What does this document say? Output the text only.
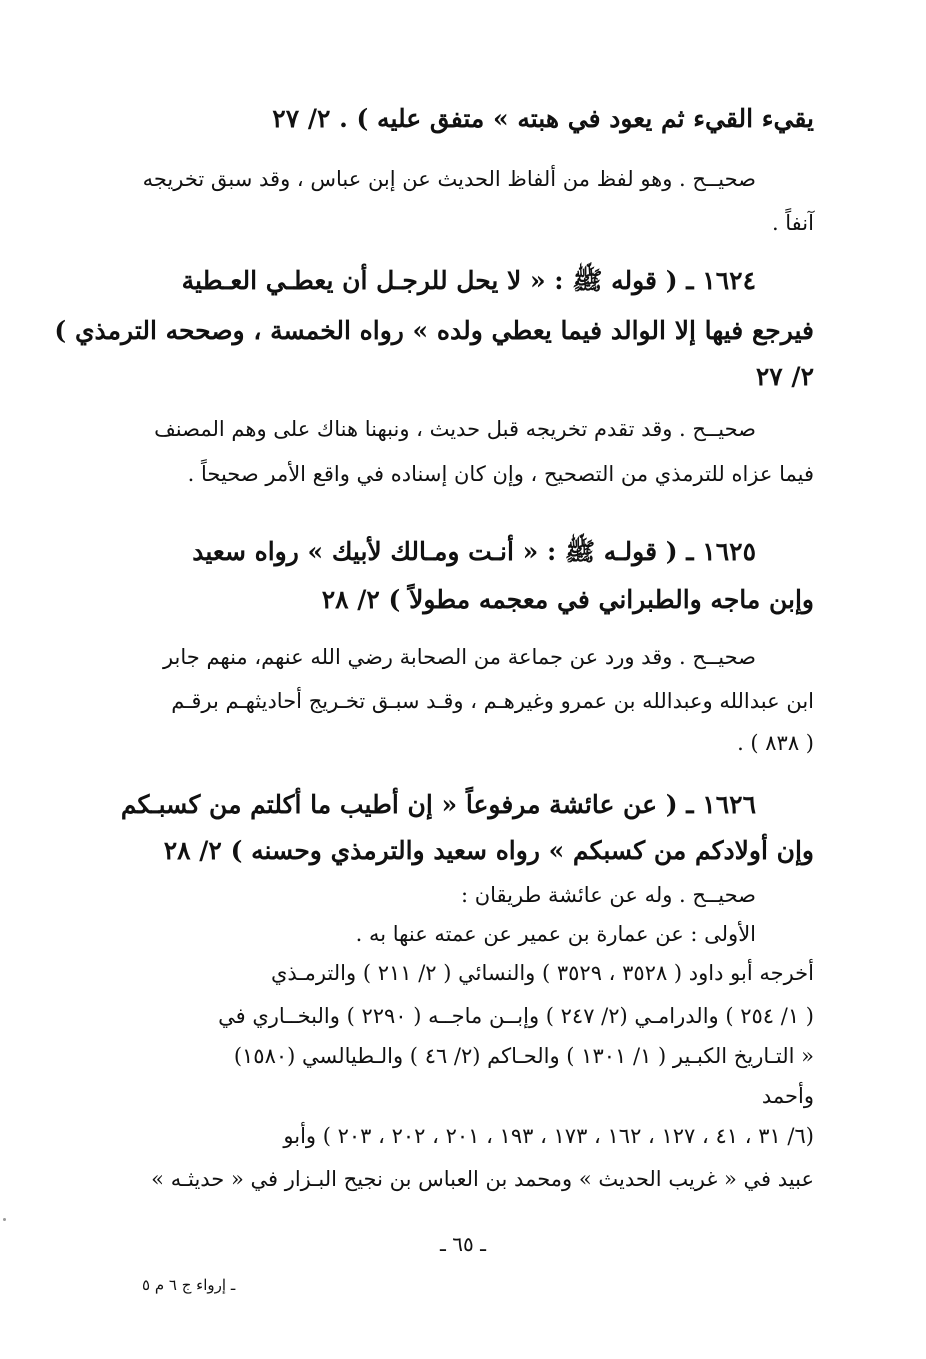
يقيء القيء ثم يعود في هبته » متفق عليه ) . ٢/ ٢٧
صحيــح . وهو لفظ من ألفاظ الحديث عن إبن عباس ، وقد سبق تخريجه
آنفاً .
١٦٢٤ ـ ( قوله ﷺ : « لا يحل للرجـل أن يعطـي العـطية
فيرجع فيها إلا الوالد فيما يعطي ولده » رواه الخمسة ، وصححه الترمذي )
٢/ ٢٧
صحيــح . وقد تقدم تخريجه قبل حديث ، ونبهنا هناك على وهم المصنف
فيما عزاه للترمذي من التصحيح ، وإن كان إسناده في واقع الأمر صحيحاً .
١٦٢٥ ـ ( قولـه ﷺ : « أنـت ومـالك لأبيك » رواه سعيد
وإبن ماجه والطبراني في معجمه مطولاً ) ٢/ ٢٨
صحيــح . وقد ورد عن جماعة من الصحابة رضي الله عنهم، منهم جابر
ابن عبدالله وعبدالله بن عمرو وغيرهـم ، وقـد سبـق تخـريج أحاديثهـم برقـم
( ٨٣٨ ) .
١٦٢٦ ـ ( عن عائشة مرفوعاً « إن أطيب ما أكلتم من كسبـكم
وإن أولادكم من كسبكم » رواه سعيد والترمذي وحسنه ) ٢/ ٢٨
صحيــح . وله عن عائشة طريقان :
الأولى : عن عمارة بن عمير عن عمته عنها به .
أخرجه أبو داود ( ٣٥٢٨ ، ٣٥٢٩ ) والنسائي ( ٢/ ٢١١ ) والترمـذي
( ١/ ٢٥٤ ) والدرامـي (٢/ ٢٤٧ ) وإبــن ماجــه ( ٢٢٩٠ ) والبخــاري في
« التـاريخ الكبـير ( ١/ ١٣٠١ ) والحـاكم (٢/ ٤٦ ) والـطيالسي (١٥٨٠)
وأحمد
(٦/ ٣١ ، ٤١ ، ١٢٧ ، ١٦٢ ، ١٧٣ ، ١٩٣ ، ٢٠١ ، ٢٠٢ ، ٢٠٣ ) وأبو
عبيد في « غريب الحديث » ومحمد بن العباس بن نجيح البـزار في « حديثـه »
ـ ٦٥ ـ
ـ إرواء ج ٦ م ٥
